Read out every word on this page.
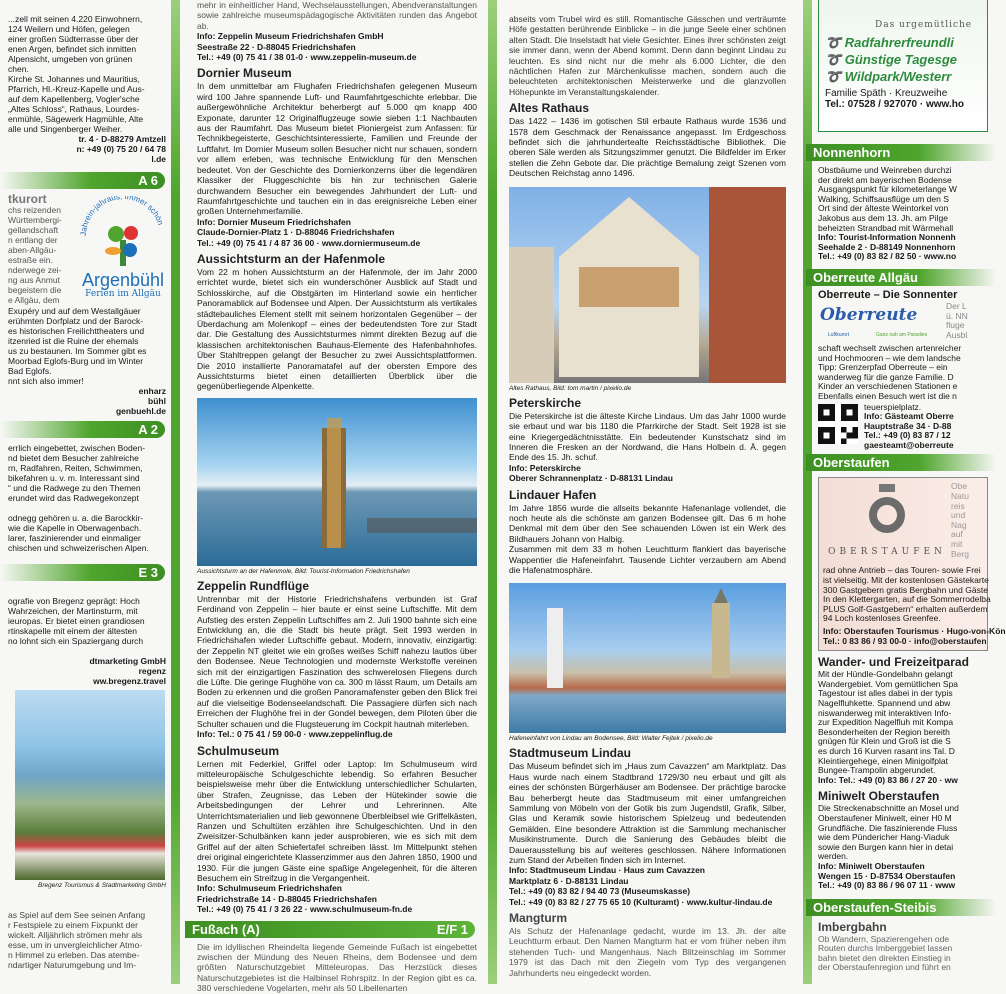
...zell mit seinen 4.220 Einwohnern,
124 Weilern und Höfen, gelegen
einer großen Südterrasse über der
enen Argen, befindet sich inmitten
Alpensicht, umgeben von grünen
chen.
Kirche St. Johannes und Mauritius,
Pfarrich, Hl.-Kreuz-Kapelle und Aus-
auf dem Kapellenberg, Vogler'sche
„Altes Schloss“, Rathaus, Lourdes-
enmühle, Sägewerk Hagmühle, Alte
alle und Singenberger Weiher.
tr. 4 · D-88279 Amtzell
n: +49 (0) 75 20 / 64 78
l.de
A 6
tkurort
chs reizenden
Württembergi-
gellandschaft
n entlang der
aben-Allgäu-
estraße ein.
nderwege zei-
ng aus Anmut
begeistern die
e Allgäu, dem
ahrein-jahraus, immer schön
Argenbühl
Ferien im Allgäu
Exupéry und auf dem Westallgäuer
erühmten Dorfplatz und der Barock-
es historischen Freilichttheaters und
itzenried ist die Ruine der ehemals
us zu bestaunen. Im Sommer gibt es
Moorbad Eglofs-Burg und im Winter
Bad Eglofs.
nnt sich also immer!
enharz
bühl
genbuehl.de
A 2
errlich eingebettet, zwischen Boden-
nd bietet dem Besucher zahlreiche
rn, Radfahren, Reiten, Schwimmen,
bikefahren u. v. m. Interessant sind
“ und die Radwege zu den Themen
erundet wird das Radwegekonzept
odnegg gehören u. a. die Barockkir-
wie die Kapelle in Oberwagenbach.
larer, faszinierender und einmaliger
chischen und schweizerischen Alpen.
E 3
ografie von Bregenz geprägt: Hoch
Wahrzeichen, der Martinsturm, mit
ieuropas. Er bietet einen grandiosen
rtinskapelle mit einem der ältesten
no lohnt sich ein Spaziergang durch
dtmarketing GmbH
regenz
ww.bregenz.travel
Bregenz Tourismus & Stadtmarketing GmbH
as Spiel auf dem See seinen Anfang
r Festspiele zu einem Fixpunkt der
wickelt. Alljährlich strömen mehr als
esse, um in unvergleichlicher Atmo-
n Himmel zu erleben. Das atembe-
ndartiger Naturumgebung und Im-
mehr in einheitlicher Hand, Wechselausstellungen, Abendveranstaltungen sowie zahlreiche museumspädagogische Aktivitäten runden das Angebot ab.
Info: Zeppelin Museum Friedrichshafen GmbH
Seestraße 22 · D-88045 Friedrichshafen
Tel.: +49 (0) 75 41 / 38 01-0 · www.zeppelin-museum.de
Dornier Museum
In dem unmittelbar am Flughafen Friedrichshafen gelegenen Museum wird 100 Jahre spannende Luft- und Raumfahrtgeschichte erlebbar. Die außergewöhnliche Architektur beherbergt auf 5.000 qm knapp 400 Exponate, darunter 12 Originalflugzeuge sowie sieben 1:1 Nachbauten aus der Raumfahrt. Das Museum bietet Pioniergeist zum Anfassen: für Technikbegeisterte, Geschichtsinteressierte, Familien und Freunde der Luftfahrt. Im Dornier Museum sollen Besucher nicht nur schauen, sondern vor allem erleben, was technische Entwicklung für den Menschen bedeutet. Von der Geschichte des Dornierkonzerns über die legendären Klassiker der Fluggeschichte bis hin zur technischen Galerie durchwandern Besucher ein bewegendes Jahrhundert der Luft- und Raumfahrtgeschichte und tauchen ein in das ereignisreiche Leben einer großen Unternehmerfamilie.
Info: Dornier Museum Friedrichshafen
Claude-Dornier-Platz 1 · D-88046 Friedrichshafen
Tel.: +49 (0) 75 41 / 4 87 36 00 · www.dorniermuseum.de
Aussichtsturm an der Hafenmole
Vom 22 m hohen Aussichtsturm an der Hafenmole, der im Jahr 2000 errichtet wurde, bietet sich ein wunderschöner Ausblick auf Stadt und Schlosskirche, auf die Obstgärten im Hinterland sowie ein herrlicher Panoramablick auf Bodensee und Alpen. Der Aussichtsturm als vertikales städtebauliches Element stellt mit seinem horizontalen Gegenüber – der Überdachung am Molenkopf – eines der bedeutendsten Tore zur Stadt dar. Die Gestaltung des Aussichtsturmes nimmt direkten Bezug auf die klassischen architektonischen Bauhaus-Elemente des Hafenbahnhofes. Über Stahltreppen gelangt der Besucher zu zwei Aussichtsplattformen. Die 2010 installierte Panoramatafel auf der obersten Empore des Aussichtsturms bietet einen detaillierten Überblick über die gegenüberliegende Alpenkette.
Aussichtsturm an der Hafenmole, Bild: Tourist-Information Friedrichshafen
Zeppelin Rundflüge
Untrennbar mit der Historie Friedrichshafens verbunden ist Graf Ferdinand von Zeppelin – hier baute er einst seine Luftschiffe. Mit dem Aufstieg des ersten Zeppelin Luftschiffes am 2. Juli 1900 bahnte sich eine Entwicklung an, die die Stadt bis heute prägt. Seit 1993 werden in Friedrichshafen wieder Luftschiffe gebaut. Modern, innovativ, einzigartig: der Zeppelin NT gleitet wie ein großes weißes Schiff nahezu lautlos über den Bodensee. Neue Technologien und modernste Werkstoffe vereinen sich mit der einzigartigen Faszination des schwerelosen Fliegens durch die Lüfte. Die geringe Flughöhe von ca. 300 m lässt Raum, um Details am Boden zu erkennen und die großen Panoramafenster geben den Blick frei auf die vielseitige Bodenseelandschaft. Die Passagiere dürfen sich nach Erreichen der Flughöhe frei in der Gondel bewegen, dem Piloten über die Schulter schauen und die Flugsteuerung im Cockpit hautnah miterleben.
Info: Tel.: 0 75 41 / 59 00-0 · www.zeppelinflug.de
Schulmuseum
Lernen mit Federkiel, Griffel oder Laptop: Im Schulmuseum wird mitteleuropäische Schulgeschichte lebendig. So erfahren Besucher beispielsweise mehr über die Entwicklung unterschiedlicher Schularten, über Strafen, Zeugnisse, das Leben der Hütekinder sowie die Arbeitsbedingungen der Lehrer und Lehrerinnen. Alte Unterrichtsmaterialien und lieb gewonnene Überbleibsel wie Griffelkästen, Ranzen und Schultüten erzählen ihre Schulgeschichten. Und in den Zweisitzer-Schulbänken kann jeder ausprobieren, wie es sich mit dem Griffel auf der alten Schiefertafel schreiben lässt. Im Mittelpunkt stehen drei original eingerichtete Klassenzimmer aus den Jahren 1850, 1900 und 1930. Für die jungen Gäste eine spaßige Angelegenheit, für die älteren Besuchern ein Streifzug in die Vergangenheit.
Info: Schulmuseum Friedrichshafen
Friedrichstraße 14 · D-88045 Friedrichshafen
Tel.: +49 (0) 75 41 / 3 26 22 · www.schulmuseum-fn.de
Fußach (A)	E/F 1
Die im idyllischen Rheindelta liegende Gemeinde Fußach ist eingebettet zwischen der Mündung des Neuen Rheins, dem Bodensee und dem größten Naturschutzgebiet Mitteleuropas. Das Herzstück dieses Naturschutzgebietes ist die Halbinsel Rohrspitz. In der Region gibt es ca. 380 verschiedene Vogelarten, mehr als 50 Libellenarten
abseits vom Trubel wird es still. Romantische Gässchen und verträumte Höfe gestatten berührende Einblicke – in die junge Seele einer schönen alten Stadt. Die Inselstadt hat viele Gesichter. Eines ihrer schönsten zeigt sie immer dann, wenn der Abend kommt. Denn dann beginnt Lindau zu leuchten. Es sind nicht nur die mehr als 6.000 Lichter, die den nächtlichen Hafen zur Märchenkulisse machen, sondern auch die beleuchteten architektonischen Meisterwerke und die glanzvollen Höhepunkte im Veranstaltungskalender.
Altes Rathaus
Das 1422 – 1436 im gotischen Stil erbaute Rathaus wurde 1536 und 1578 dem Geschmack der Renaissance angepasst. Im Erdgeschoss befindet sich die jahrhundertealte Reichsstädtische Bibliothek. Die oberen Säle werden als Sitzungszimmer genutzt. Die Bildfelder im Erker stellen die Zehn Gebote dar. Die prächtige Bemalung zeigt Szenen vom Deutschen Reichstag anno 1496.
Altes Rathaus, Bild: tom martin / pixelio.de
Peterskirche
Die Peterskirche ist die älteste Kirche Lindaus. Um das Jahr 1000 wurde sie erbaut und war bis 1180 die Pfarrkirche der Stadt. Seit 1928 ist sie eine Kriegergedächtnisstätte. Ein bedeutender Kunstschatz sind im Inneren die Fresken an der Nordwand, die Hans Holbein d. Ä. gegen Ende des 15. Jh. schuf.
Info: Peterskirche
Oberer Schrannenplatz · D-88131 Lindau
Lindauer Hafen
Im Jahre 1856 wurde die allseits bekannte Hafenanlage vollendet, die noch heute als die schönste am ganzen Bodensee gilt. Das 6 m hohe Denkmal mit dem über den See schauenden Löwen ist ein Werk des Bildhauers Johann von Halbig.
Zusammen mit dem 33 m hohen Leuchtturm flankiert das bayerische Wappentier die Hafeneinfahrt. Tausende Lichter verzaubern am Abend die Hafenatmosphäre.
Hafeneinfahrt von Lindau am Bodensee, Bild: Walter Fejtek / pixelio.de
Stadtmuseum Lindau
Das Museum befindet sich im „Haus zum Cavazzen“ am Marktplatz. Das Haus wurde nach einem Stadtbrand 1729/30 neu erbaut und gilt als eines der schönsten Bürgerhäuser am Bodensee. Der prächtige barocke Bau beherbergt heute das Stadtmuseum mit einer umfangreichen Sammlung von Möbeln von der Gotik bis zum Jugendstil, Grafik, Silber, Glas und Keramik sowie historischem Spielzeug und bedeutenden Gemälden. Eine besondere Attraktion ist die Sammlung mechanischer Musikinstrumente. Durch die Sanierung des Gebäudes bleibt die Dauerausstellung bis auf weiteres geschlossen. Nähere Informationen zum Stand der Arbeiten finden sich im Internet.
Info: Stadtmuseum Lindau · Haus zum Cavazzen
Marktplatz 6 · D-88131 Lindau
Tel.: +49 (0) 83 82 / 94 40 73 (Museumskasse)
Tel.: +49 (0) 83 82 / 27 75 65 10 (Kulturamt) · www.kultur-lindau.de
Mangturm
Als Schutz der Hafenanlage gedacht, wurde im 13. Jh. der alte Leuchtturm erbaut. Den Namen Mangturm hat er vom früher neben ihm stehenden Tuch- und Mangenhaus. Nach Blitzeinschlag im Sommer 1979 ist das Dach mit den Ziegeln vom Typ des vergangenen Jahrhunderts neu eingedeckt worden.
Das urgemütliche
➰ Radfahrerfreundli
➰ Günstige Tagesge
➰ Wildpark/Westerr
Familie Späth · Kreuzweihe
Tel.: 07528 / 927070 · www.ho
Nonnenhorn
Obstbäume und Weinreben durchzi
der direkt am bayerischen Bodense
Ausgangspunkt für kilometerlange W
Walking, Schiffsausflüge um den S
Ort sind der älteste Weintorkel von
Jakobus aus dem 13. Jh. am Pilge
beheizten Strandbad mit Wärmehall
Info: Tourist-Information Nonnenh
Seehalde 2 · D-88149 Nonnenhorn
Tel.: +49 (0) 83 82 / 82 50 · www.no
Oberreute Allgäu
Oberreute – Die Sonnenter
Oberreute
Luftkurort	Ganz nah am Paradies
Der L
ü. NN
fluge
Ausbl
schaft wechselt zwischen artenreicher
und Hochmooren – wie dem landsche
Tipp: Grenzerpfad Oberreute – ein
wanderweg für die ganze Familie. D
Kinder an verschiedenen Stationen e
Ebenfalls einen Besuch wert ist die n
teuerspielplatz.
Info: Gästeamt Oberre
Hauptstraße 34 · D-88
Tel.: +49 (0) 83 87 / 12
gaesteamt@oberreute
Oberstaufen
OBERSTAUFEN
Obe
Natu
reis
und
Nag
auf
mit
Berg
rad ohne Antrieb – das Touren- sowie Frei
ist vielseitig. Mit der kostenlosen Gästekarte
300 Gastgebern gratis Bergbahn und Gäste
In den Klettergarten, auf die Sommerrodelba
PLUS Golf-Gastgebern“ erhalten außerdem
94 Loch kostenloses Greenfee.
Info: Oberstaufen Tourismus · Hugo-von-Kön
Tel.: 0 83 86 / 93 00-0 · info@oberstaufen
Wander- und Freizeitparad
Mit der Hündle-Gondelbahn gelangt
Wandergebiet. Vom gemütlichen Spa
Tagestour ist alles dabei in der typis
Nagelfluhkette. Spannend und abw
niswanderweg mit interaktiven Info-
zur Expedition Nagelfluh mit Kompa
Besonderheiten der Region bereith
gnügen für Klein und Groß ist die S
es durch 16 Kurven rasant ins Tal. D
Kleintiergehege, einen Minigolfplat
Bungee-Trampolin abgerundet.
Info: Tel.: +49 (0) 83 86 / 27 20 · ww
Miniwelt Oberstaufen
Die Streckenabschnitte an Mosel und
Oberstaufener Miniwelt, einer H0 M
Grundfläche. Die faszinierende Fluss
wie dem Pündericher Hang-Viaduk
sowie den Burgen kann hier in detai
werden.
Info: Miniwelt Oberstaufen
Wengen 15 · D-87534 Oberstaufen
Tel.: +49 (0) 83 86 / 96 07 11 · www
Oberstaufen-Steibis
Imbergbahn
Ob Wandern, Spazierengehen ode
Routen durchs Imberggebiet lassen
bahn bietet den direkten Einstieg in
der Oberstaufenregion und führt en
